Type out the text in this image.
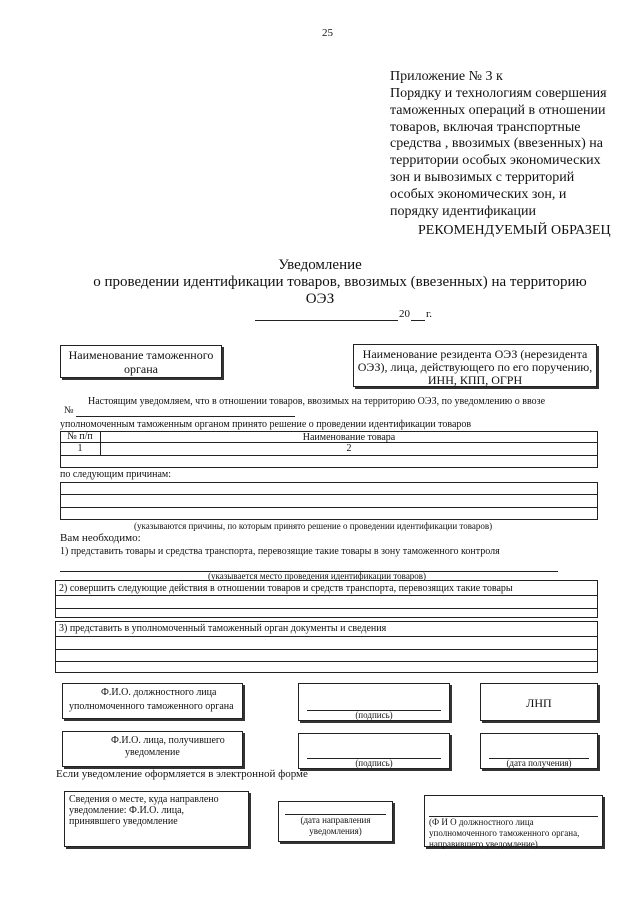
25
Приложение № 3 к
Порядку и технологиям совершения
таможенных операций в отношении
товаров, включая транспортные
средства , ввозимых (ввезенных) на
территории особых экономических
зон и вывозимых с территорий
особых экономических зон, и
порядку идентификации
РЕКОМЕНДУЕМЫЙ ОБРАЗЕЦ
Уведомление
о проведении идентификации товаров, ввозимых (ввезенных) на территорию
ОЭЗ
20 г.
Наименование таможенного
органа
Наименование резидента ОЭЗ (нерезидента
ОЭЗ), лица, действующего по его поручению,
ИНН, КПП, ОГРН
Настоящим уведомляем, что в отношении товаров, ввозимых на территорию ОЭЗ, по уведомлению о ввозе
№
уполномоченным таможенным органом принято решение о проведении идентификации товаров
№ п/п	Наименование товара
1	2
по следующим причинам:
(указываются причины, по которым принято решение о проведении идентификации товаров)
Вам необходимо:
1) представить товары и средства транспорта, перевозящие такие товары в зону таможенного контроля
(указывается место проведения идентификации товаров)
2) совершить следующие действия в отношении товаров и средств транспорта, перевозящих такие товары
3) представить в уполномоченный таможенный орган документы и сведения
Ф.И.О. должностного лица
уполномоченного таможенного органа
(подпись)
ЛНП
Ф.И.О. лица, получившего
уведомление
(подпись)	(дата получения)
Если уведомление оформляется в электронной форме
Сведения о месте, куда направлено
уведомление: Ф.И.О. лица,
принявшего уведомление	(дата направления
уведомления)
(Ф И О должностного лица
уполномоченного таможенного органа,
направившего уведомление)
